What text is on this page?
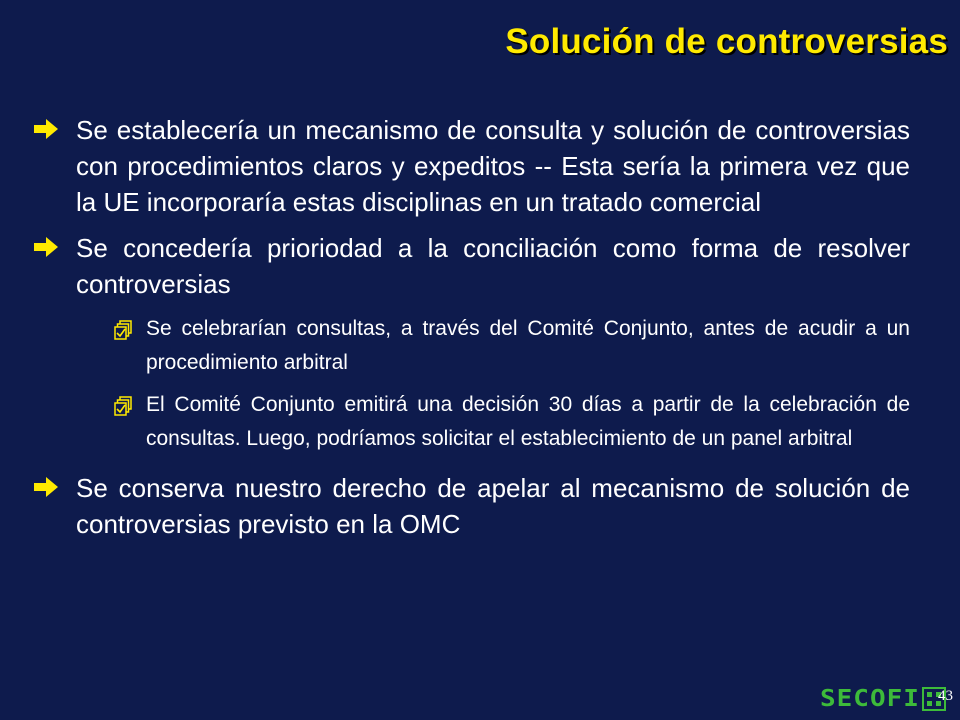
Solución de controversias
Se establecería un mecanismo de consulta y solución de controversias con procedimientos claros y expeditos -- Esta sería la primera vez que la UE incorporaría estas disciplinas en un tratado comercial
Se concedería prioriodad a la conciliación como forma de resolver controversias
Se celebrarían consultas, a través del Comité Conjunto, antes de acudir a un procedimiento arbitral
El Comité Conjunto emitirá una decisión 30 días a partir de la celebración de consultas. Luego, podríamos solicitar el establecimiento de un panel arbitral
Se conserva nuestro derecho de apelar al mecanismo de solución de controversias previsto en la OMC
SECOFI 43
